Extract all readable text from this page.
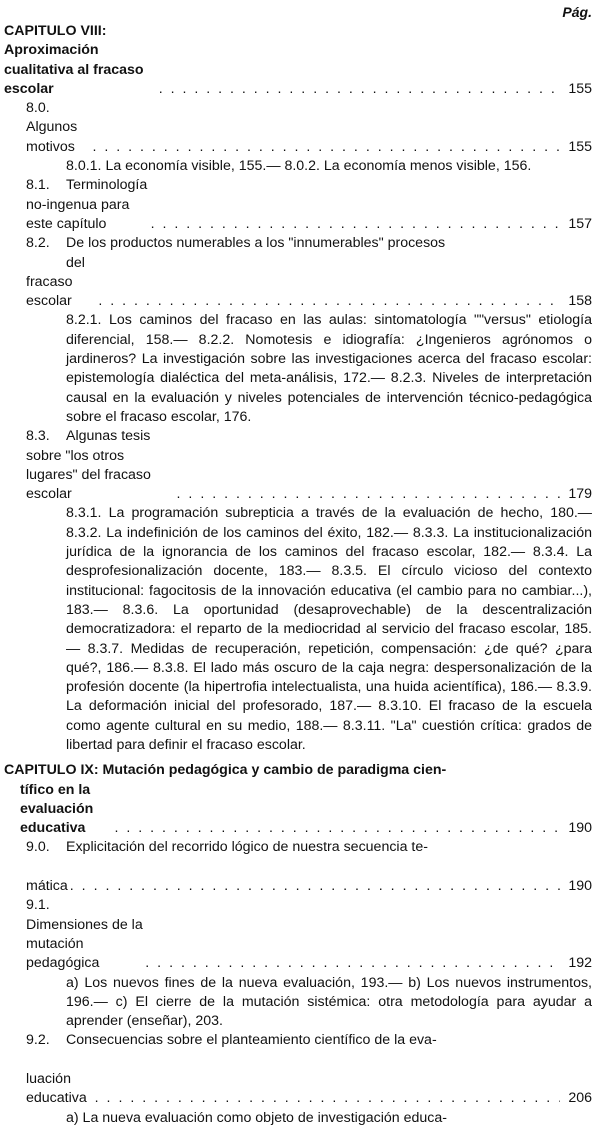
Pág.
CAPITULO VIII: Aproximación cualitativa al fracaso escolar . . .	155
8.0.Algunos motivos . . .	155
8.0.1. La economía visible, 155.— 8.0.2. La economía menos visible, 156.
8.1. Terminología no-ingenua para este capítulo . . .	157
8.2. De los productos numerables a los "innumerables" procesos
del fracaso escolar . . .	158
8.2.1. Los caminos del fracaso en las aulas: sintomatología ""versus" etiología diferencial, 158.— 8.2.2. Nomotesis e idiografía: ¿Ingenieros agrónomos o jardineros? La investigación sobre las investigaciones acerca del fracaso escolar: epistemología dialéctica del meta-análisis, 172.— 8.2.3. Niveles de interpretación causal en la evaluación y niveles potenciales de intervención técnico-pedagógica sobre el fracaso escolar, 176.
8.3. Algunas tesis sobre "los otros lugares" del fracaso escolar . . .	179
8.3.1. La programación subrepticia a través de la evaluación de hecho, 180.— 8.3.2. La indefinición de los caminos del éxito, 182.— 8.3.3. La institucionalización jurídica de la ignorancia de los caminos del fracaso escolar, 182.— 8.3.4. La desprofesionalización docente, 183.— 8.3.5. El círculo vicioso del contexto institucional: fagocitosis de la innovación educativa (el cambio para no cambiar...), 183.— 8.3.6. La oportunidad (desaprovechable) de la descentralización democratizadora: el reparto de la mediocridad al servicio del fracaso escolar, 185.— 8.3.7. Medidas de recuperación, repetición, compensación: ¿de qué? ¿para qué?, 186.— 8.3.8. El lado más oscuro de la caja negra: despersonalización de la profesión docente (la hipertrofia intelectualista, una huida acientífica), 186.— 8.3.9. La deformación inicial del profesorado, 187.— 8.3.10. El fracaso de la escuela como agente cultural en su medio, 188.— 8.3.11. "La" cuestión crítica: grados de libertad para definir el fracaso escolar.
CAPITULO IX: Mutación pedagógica y cambio de paradigma cien-
tífico en la evaluación educativa . . .	190
9.0. Explicitación del recorrido lógico de nuestra secuencia te-
mática . . .	190
9.1.Dimensiones de la mutación pedagógica . . .	192
a) Los nuevos fines de la nueva evaluación, 193.— b) Los nuevos instrumentos, 196.— c) El cierre de la mutación sistémica: otra metodología para ayudar a aprender (enseñar), 203.
9.2. Consecuencias sobre el planteamiento científico de la eva-
luación educativa . . .	206
a) La nueva evaluación como objeto de investigación educa-
